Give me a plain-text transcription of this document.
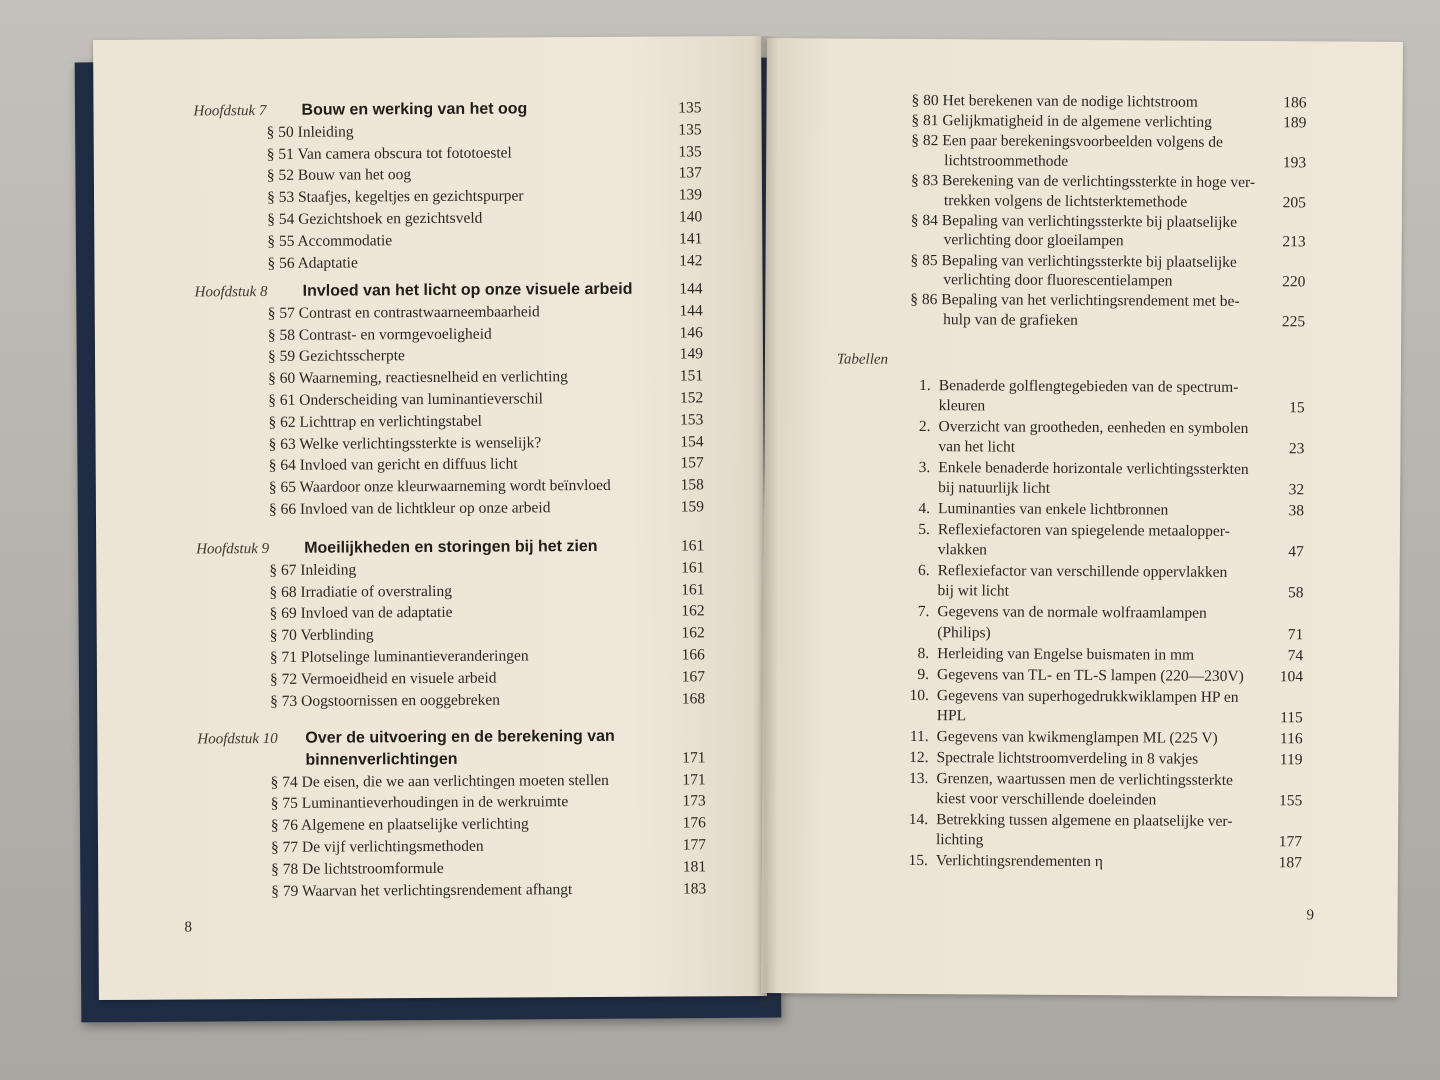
Hoofdstuk 7 Bouw en werking van het oog	135
§ 50 Inleiding	135
§ 51 Van camera obscura tot fototoestel	135
§ 52 Bouw van het oog	137
§ 53 Staafjes, kegeltjes en gezichtspurper	139
§ 54 Gezichtshoek en gezichtsveld	140
§ 55 Accommodatie	141
§ 56 Adaptatie	142
Hoofdstuk 8 Invloed van het licht op onze visuele arbeid	144
§ 57 Contrast en contrastwaarneembaarheid	144
§ 58 Contrast- en vormgevoeligheid	146
§ 59 Gezichtsscherpte	149
§ 60 Waarneming, reactiesnelheid en verlichting	151
§ 61 Onderscheiding van luminantieverschil	152
§ 62 Lichttrap en verlichtingstabel	153
§ 63 Welke verlichtingssterkte is wenselijk?	154
§ 64 Invloed van gericht en diffuus licht	157
§ 65 Waardoor onze kleurwaarneming wordt beïnvloed	158
§ 66 Invloed van de lichtkleur op onze arbeid	159
Hoofdstuk 9 Moeilijkheden en storingen bij het zien	161
§ 67 Inleiding	161
§ 68 Irradiatie of overstraling	161
§ 69 Invloed van de adaptatie	162
§ 70 Verblinding	162
§ 71 Plotselinge luminantieveranderingen	166
§ 72 Vermoeidheid en visuele arbeid	167
§ 73 Oogstoornissen en ooggebreken	168
Hoofdstuk 10 Over de uitvoering en de berekening van
binnenverlichtingen	171
§ 74 De eisen, die we aan verlichtingen moeten stellen	171
§ 75 Luminantieverhoudingen in de werkruimte	173
§ 76 Algemene en plaatselijke verlichting	176
§ 77 De vijf verlichtingsmethoden	177
§ 78 De lichtstroomformule	181
§ 79 Waarvan het verlichtingsrendement afhangt	183
8
§ 80 Het berekenen van de nodige lichtstroom	186
§ 81 Gelijkmatigheid in de algemene verlichting	189
§ 82 Een paar berekeningsvoorbeelden volgens de
lichtstroommethode	193
§ 83 Berekening van de verlichtingssterkte in hoge ver-
trekken volgens de lichtsterktemethode	205
§ 84 Bepaling van verlichtingssterkte bij plaatselijke
verlichting door gloeilampen	213
§ 85 Bepaling van verlichtingssterkte bij plaatselijke
verlichting door fluorescentielampen	220
§ 86 Bepaling van het verlichtingsrendement met be-
hulp van de grafieken	225
Tabellen
1. Benaderde golflengtegebieden van de spectrum-
kleuren	15
2. Overzicht van grootheden, eenheden en symbolen
van het licht	23
3. Enkele benaderde horizontale verlichtingssterkten
bij natuurlijk licht	32
4. Luminanties van enkele lichtbronnen	38
5. Reflexiefactoren van spiegelende metaalopper-
vlakken	47
6. Reflexiefactor van verschillende oppervlakken
bij wit licht	58
7. Gegevens van de normale wolfraamlampen
(Philips)	71
8. Herleiding van Engelse buismaten in mm	74
9. Gegevens van TL- en TL-S lampen (220—230V)	104
10. Gegevens van superhogedrukkwiklampen HP en
HPL	115
11. Gegevens van kwikmenglampen ML (225 V)	116
12. Spectrale lichtstroomverdeling in 8 vakjes	119
13. Grenzen, waartussen men de verlichtingssterkte
kiest voor verschillende doeleinden	155
14. Betrekking tussen algemene en plaatselijke ver-
lichting	177
15. Verlichtingsrendementen η	187
9
